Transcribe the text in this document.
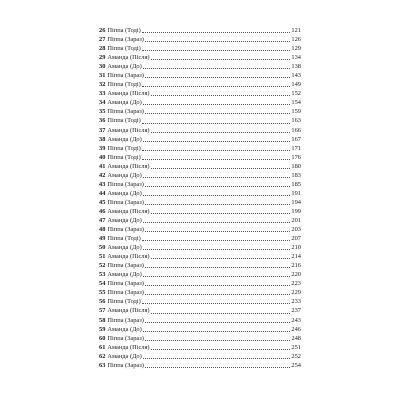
26 Піппа (Тоді)	121
27 Піппа (Зараз)	126
28 Піппа (Тоді)	129
29 Аманда (Після)	134
30 Аманда (До)	138
31 Піппа (Зараз)	143
32 Піппа (Тоді)	149
33 Аманда (Після)	152
34 Аманда (До)	154
35 Піппа (Зараз)	159
36 Піппа (Тоді)	163
37 Аманда (Після)	166
38 Аманда (До)	167
39 Піппа (Тоді)	171
40 Піппа (Тоді)	176
41 Аманда (Після)	180
42 Аманда (До)	183
43 Піппа (Зараз)	185
44 Аманда (До)	191
45 Піппа (Зараз)	194
46 Аманда (Після)	199
47 Аманда (До)	201
48 Піппа (Зараз)	203
49 Піппа (Тоді)	207
50 Аманда (До)	210
51 Аманда (Після)	214
52 Піппа (Зараз)	216
53 Аманда (До)	220
54 Піппа (Зараз)	223
55 Піппа (Зараз)	229
56 Піппа (Тоді)	233
57 Аманда (Після)	237
58 Піппа (Зараз)	243
59 Аманда (До)	246
60 Піппа (Зараз)	248
61 Аманда (Після)	251
62 Аманда (До)	252
63 Піппа (Зараз)	254
